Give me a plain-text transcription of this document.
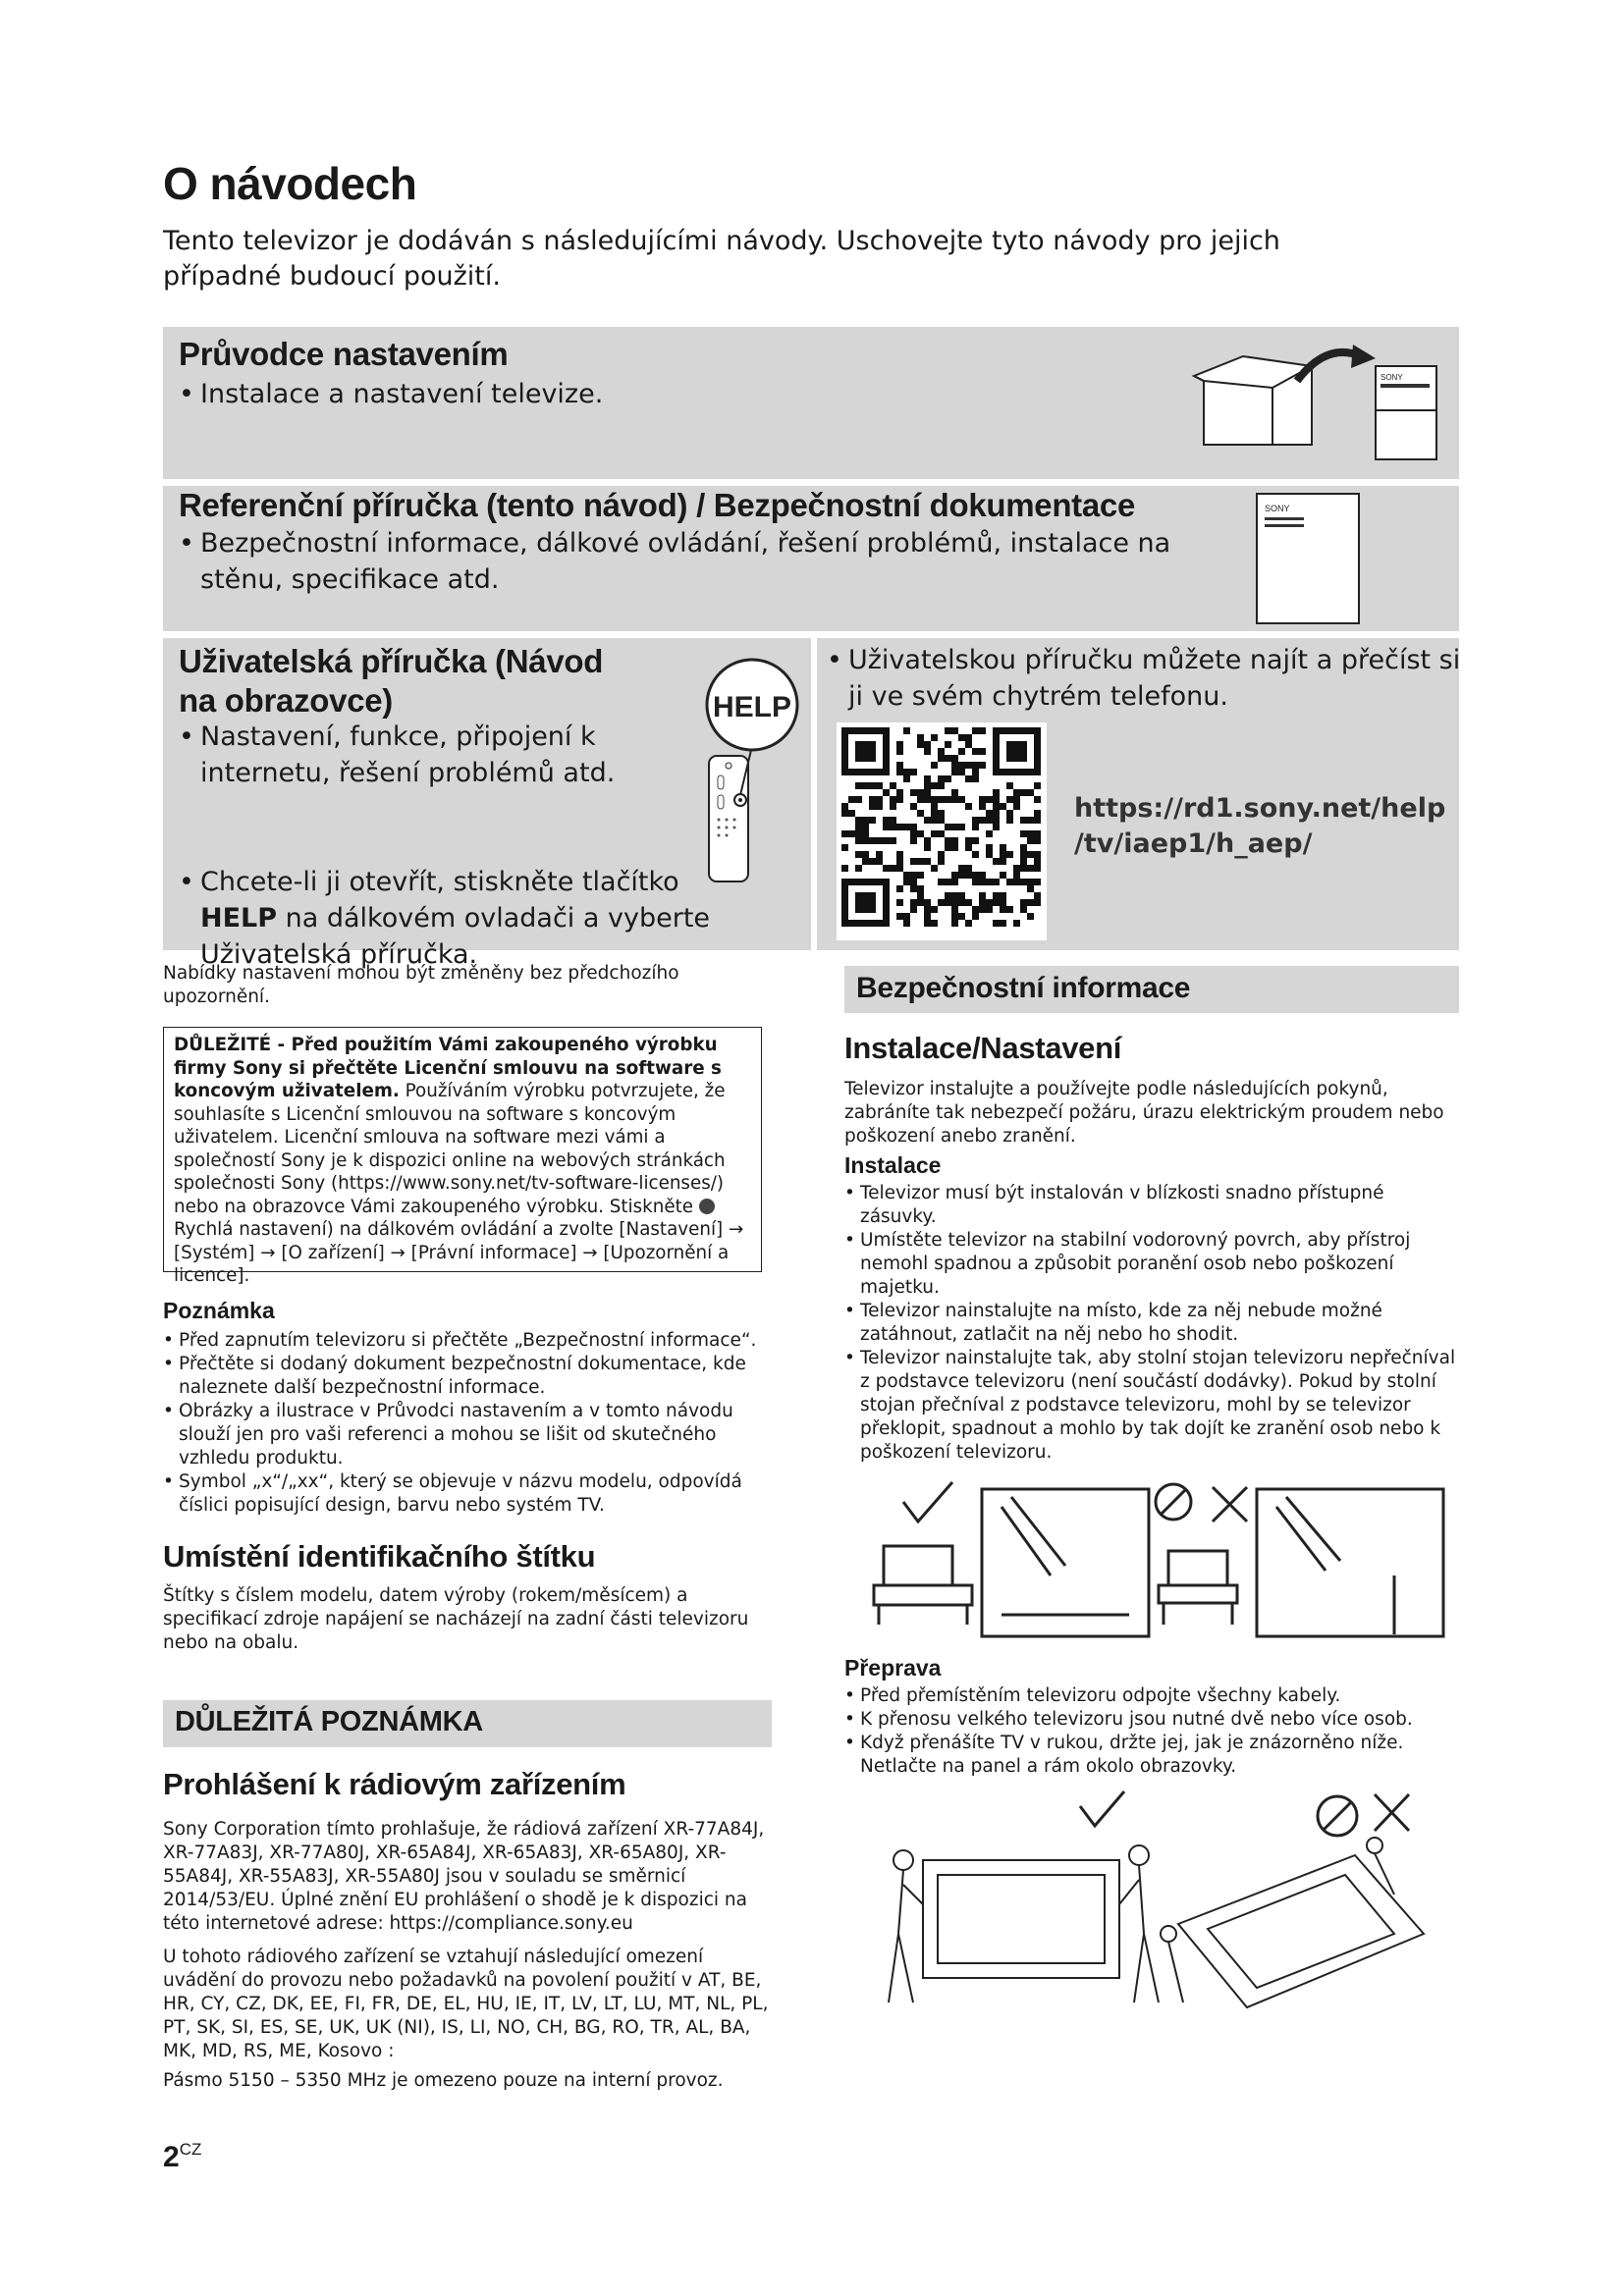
O návodech
Tento televizor je dodáván s následujícími návody. Uschovejte tyto návody pro jejich případné budoucí použití.
Průvodce nastavením
• Instalace a nastavení televize.
SONY
Referenční příručka (tento návod) / Bezpečnostní dokumentace
• Bezpečnostní informace, dálkové ovládání, řešení problémů, instalace na stěnu, specifikace atd.
SONY
Uživatelská příručka (Návod na obrazovce)
• Nastavení, funkce, připojení k internetu, řešení problémů atd.
• Chcete-li ji otevřít, stiskněte tlačítko HELP na dálkovém ovladači a vyberte Uživatelská příručka.
HELP
• Uživatelskou příručku můžete najít a přečíst si ji ve svém chytrém telefonu.
https://rd1.sony.net/help
/tv/iaep1/h_aep/
Nabídky nastavení mohou být změněny bez předchozího upozornění.
DŮLEŽITÉ - Před použitím Vámi zakoupeného výrobku firmy Sony si přečtěte Licenční smlouvu na software s koncovým uživatelem. Používáním výrobku potvrzujete, že souhlasíte s Licenční smlouvou na software s koncovým uživatelem. Licenční smlouva na software mezi vámi a společností Sony je k dispozici online na webových stránkách společnosti Sony (https://www.sony.net/tv-software-licenses/) nebo na obrazovce Vámi zakoupeného výrobku. Stiskněte Rychlá nastavení) na dálkovém ovládání a zvolte [Nastavení] → [Systém] → [O zařízení] → [Právní informace] → [Upozornění a licence].
Poznámka
• Před zapnutím televizoru si přečtěte „Bezpečnostní informace“.
• Přečtěte si dodaný dokument bezpečnostní dokumentace, kde naleznete další bezpečnostní informace.
• Obrázky a ilustrace v Průvodci nastavením a v tomto návodu slouží jen pro vaši referenci a mohou se lišit od skutečného vzhledu produktu.
• Symbol „x“/„xx“, který se objevuje v názvu modelu, odpovídá číslici popisující design, barvu nebo systém TV.
Umístění identifikačního štítku
Štítky s číslem modelu, datem výroby (rokem/měsícem) a specifikací zdroje napájení se nacházejí na zadní části televizoru nebo na obalu.
DŮLEŽITÁ POZNÁMKA
Prohlášení k rádiovým zařízením
Sony Corporation tímto prohlašuje, že rádiová zařízení XR-77A84J, XR-77A83J, XR-77A80J, XR-65A84J, XR-65A83J, XR-65A80J, XR-55A84J, XR-55A83J, XR-55A80J jsou v souladu se směrnicí 2014/53/EU. Úplné znění EU prohlášení o shodě je k dispozici na této internetové adrese: https://compliance.sony.eu
U tohoto rádiového zařízení se vztahují následující omezení uvádění do provozu nebo požadavků na povolení použití v AT, BE, HR, CY, CZ, DK, EE, FI, FR, DE, EL, HU, IE, IT, LV, LT, LU, MT, NL, PL, PT, SK, SI, ES, SE, UK, UK (NI), IS, LI, NO, CH, BG, RO, TR, AL, BA, MK, MD, RS, ME, Kosovo :
Pásmo 5150 – 5350 MHz je omezeno pouze na interní provoz.
2CZ
Bezpečnostní informace
Instalace/Nastavení
Televizor instalujte a používejte podle následujících pokynů, zabráníte tak nebezpečí požáru, úrazu elektrickým proudem nebo poškození anebo zranění.
Instalace
• Televizor musí být instalován v blízkosti snadno přístupné zásuvky.
• Umístěte televizor na stabilní vodorovný povrch, aby přístroj nemohl spadnou a způsobit poranění osob nebo poškození majetku.
• Televizor nainstalujte na místo, kde za něj nebude možné zatáhnout, zatlačit na něj nebo ho shodit.
• Televizor nainstalujte tak, aby stolní stojan televizoru nepřečníval z podstavce televizoru (není součástí dodávky). Pokud by stolní stojan přečníval z podstavce televizoru, mohl by se televizor překlopit, spadnout a mohlo by tak dojít ke zranění osob nebo k poškození televizoru.
Přeprava
• Před přemístěním televizoru odpojte všechny kabely.
• K přenosu velkého televizoru jsou nutné dvě nebo více osob.
• Když přenášíte TV v rukou, držte jej, jak je znázorněno níže. Netlačte na panel a rám okolo obrazovky.
